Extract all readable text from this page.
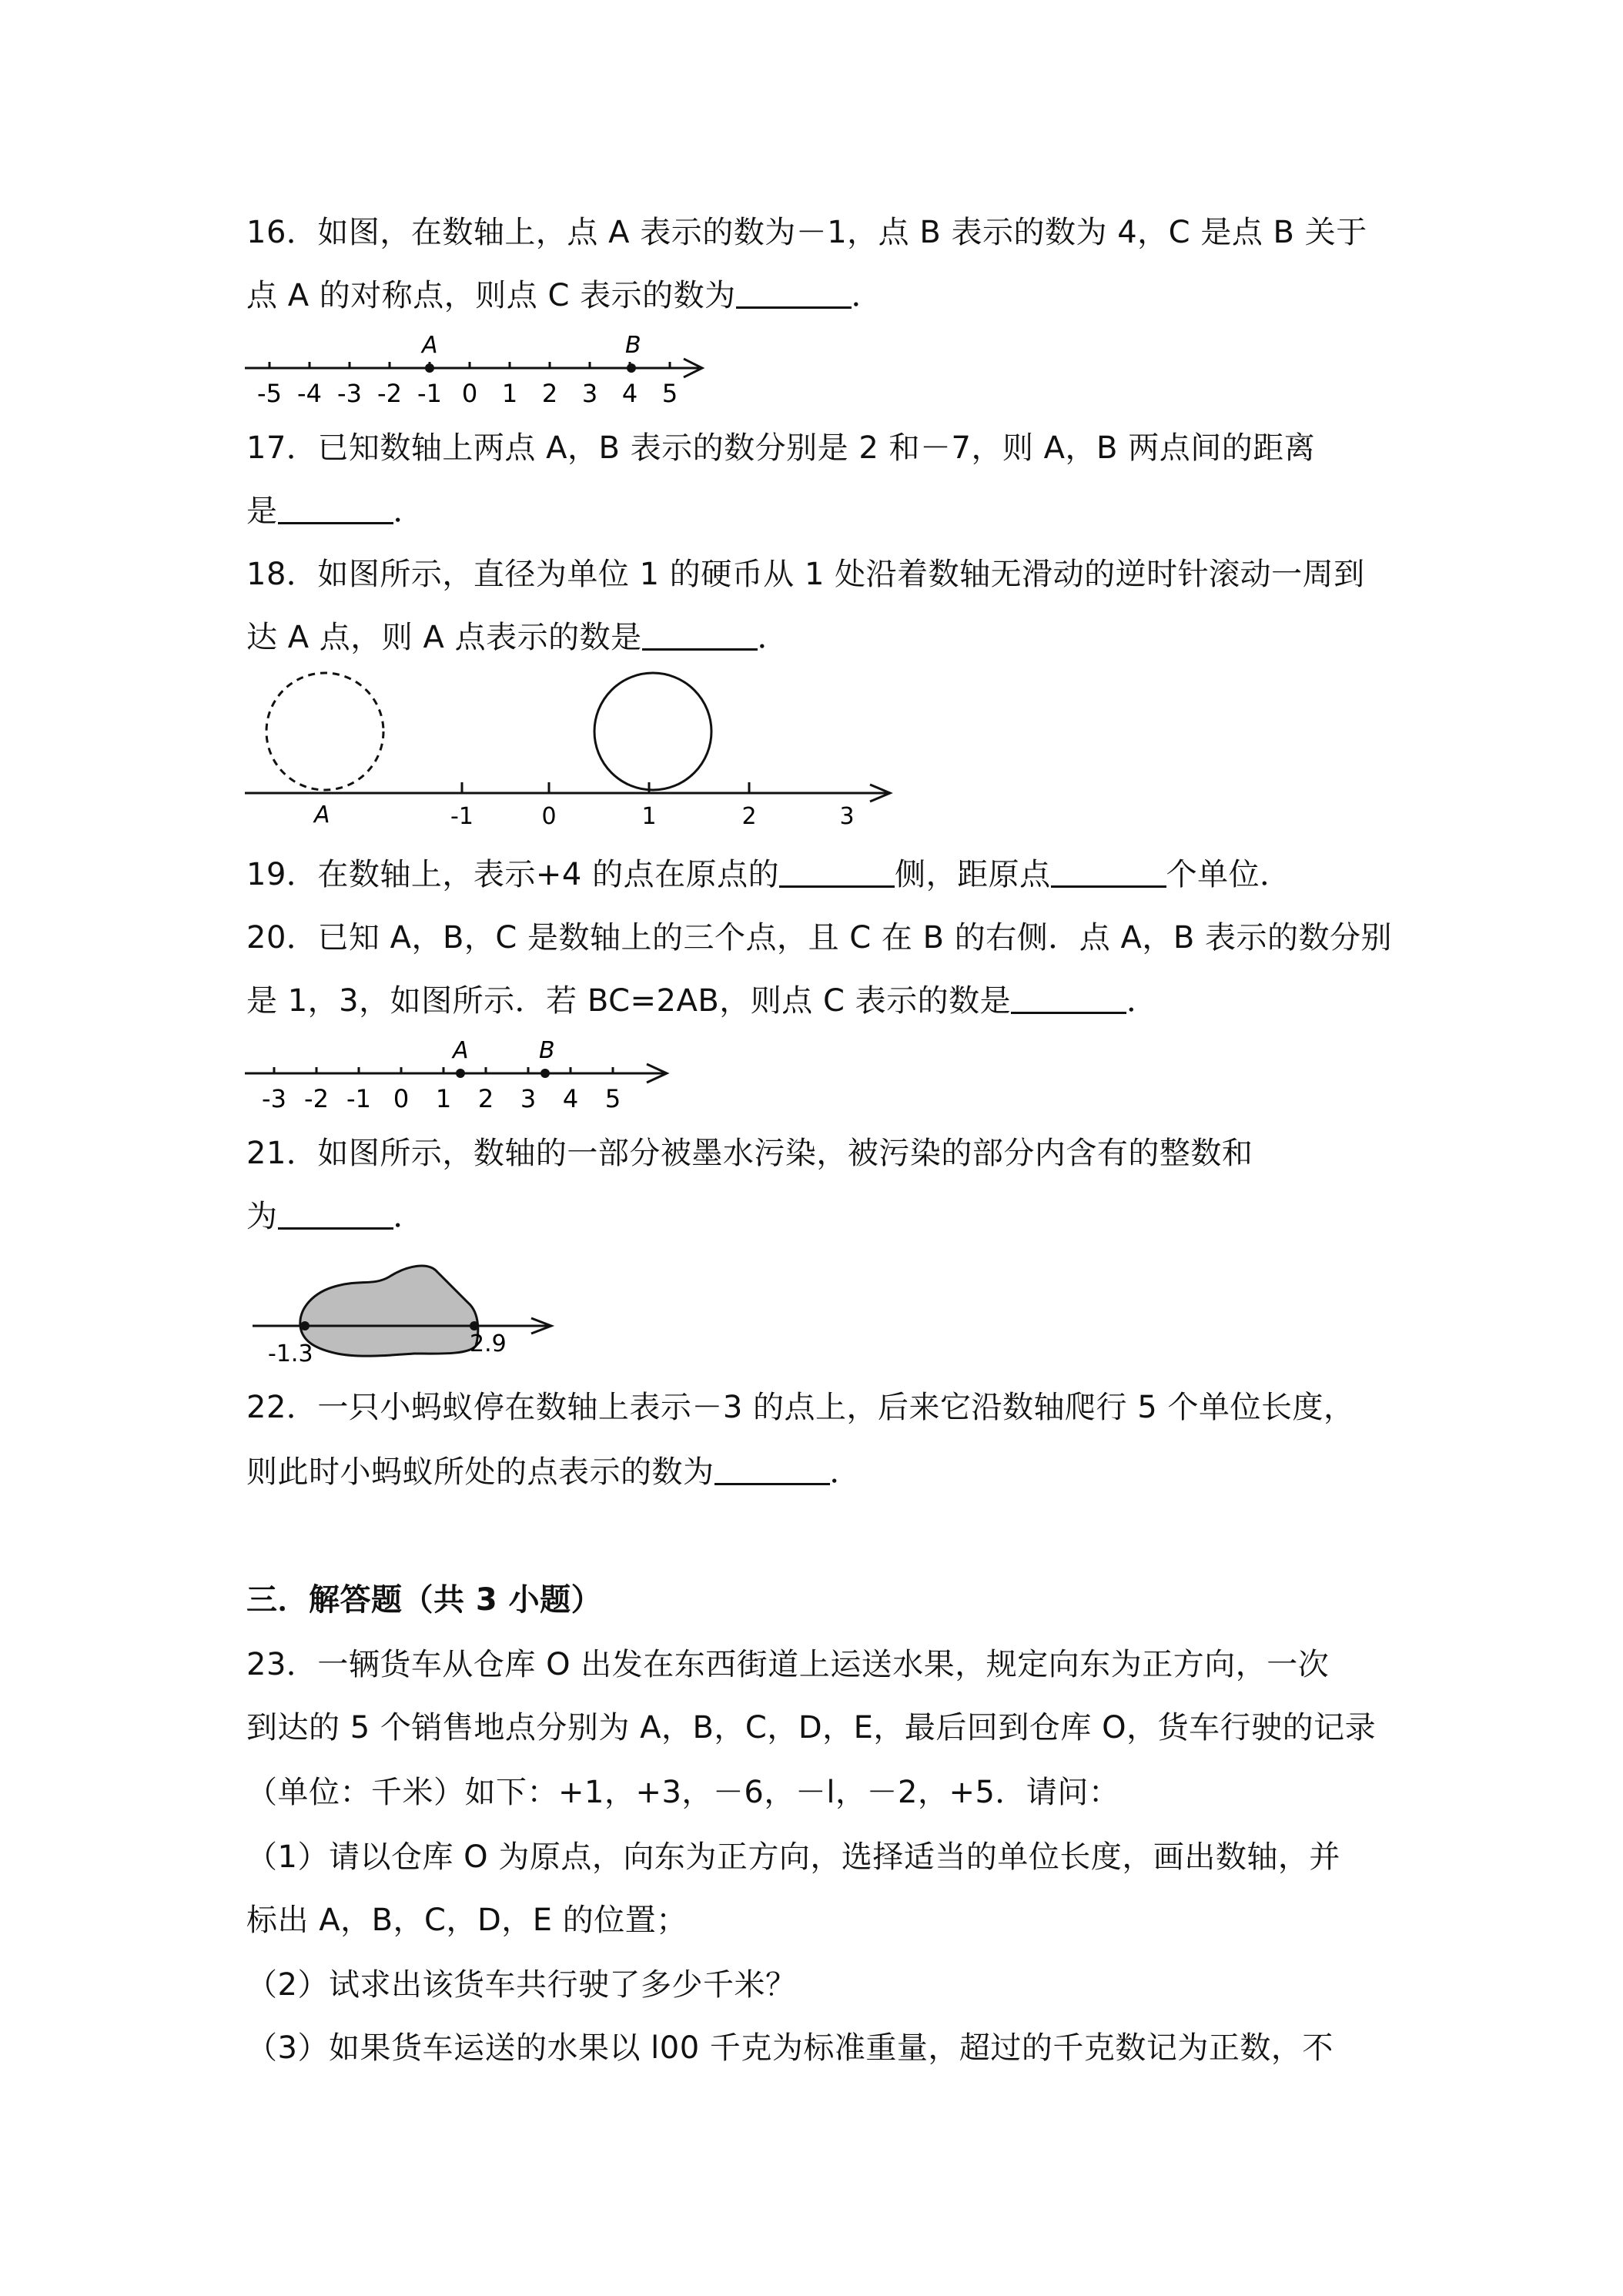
16．如图，在数轴上，点 A 表示的数为－1，点 B 表示的数为 4，C 是点 B 关于
点 A 的对称点，则点 C 表示的数为	．
-5 -4 -3 -2 -1 0 1 2 3 4 5
A	B
17．已知数轴上两点 A，B 表示的数分别是 2 和－7，则 A，B 两点间的距离
是	．
18．如图所示，直径为单位 1 的硬币从 1 处沿着数轴无滑动的逆时针滚动一周到
达 A 点，则 A 点表示的数是	．
-1	0	1	2	3
A
19．在数轴上，表示+4 的点在原点的	侧，距原点	个单位．
20．已知 A，B，C 是数轴上的三个点，且 C 在 B 的右侧．点 A，B 表示的数分别
是 1，3，如图所示．若 BC=2AB，则点 C 表示的数是	．
-3 -2 -1 0 1 2 3 4 5
A	B
21．如图所示，数轴的一部分被墨水污染，被污染的部分内含有的整数和
为	．
-1.3	2.9
22．一只小蚂蚁停在数轴上表示－3 的点上，后来它沿数轴爬行 5 个单位长度，
则此时小蚂蚁所处的点表示的数为	．
三．解答题（共 3 小题）
23．一辆货车从仓库 O 出发在东西街道上运送水果，规定向东为正方向，一次
到达的 5 个销售地点分别为 A，B，C，D，E，最后回到仓库 O，货车行驶的记录
（单位：千米）如下：+1，+3，－6，－l，－2，+5．请问：
（1）请以仓库 O 为原点，向东为正方向，选择适当的单位长度，画出数轴，并
标出 A，B，C，D，E 的位置；
（2）试求出该货车共行驶了多少千米？
（3）如果货车运送的水果以 l00 千克为标准重量，超过的千克数记为正数，不
